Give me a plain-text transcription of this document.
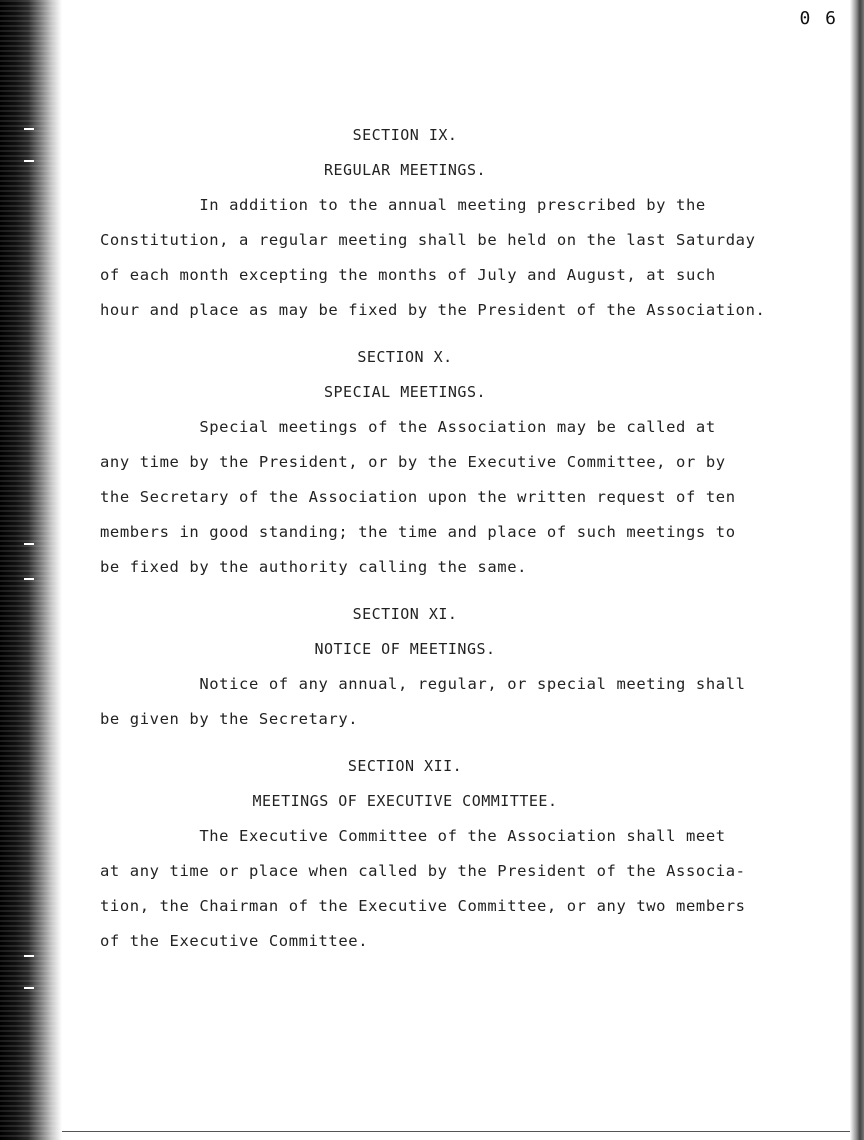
0 6
SECTION IX.
REGULAR MEETINGS.

In addition to the annual meeting prescribed by the

Constitution, a regular meeting shall be held on the last Saturday

of each month excepting the months of July and August, at such

hour and place as may be fixed by the President of the Association.

SECTION X.
SPECIAL MEETINGS.

Special meetings of the Association may be called at

any time by the President, or by the Executive Committee, or by

the Secretary of the Association upon the written request of ten

members in good standing; the time and place of such meetings to

be fixed by the authority calling the same.

SECTION XI.
NOTICE OF MEETINGS.

Notice of any annual, regular, or special meeting shall

be given by the Secretary.

SECTION XII.
MEETINGS OF EXECUTIVE COMMITTEE.

The Executive Committee of the Association shall meet

at any time or place when called by the President of the Associa-

tion, the Chairman of the Executive Committee, or any two members

of the Executive Committee.
